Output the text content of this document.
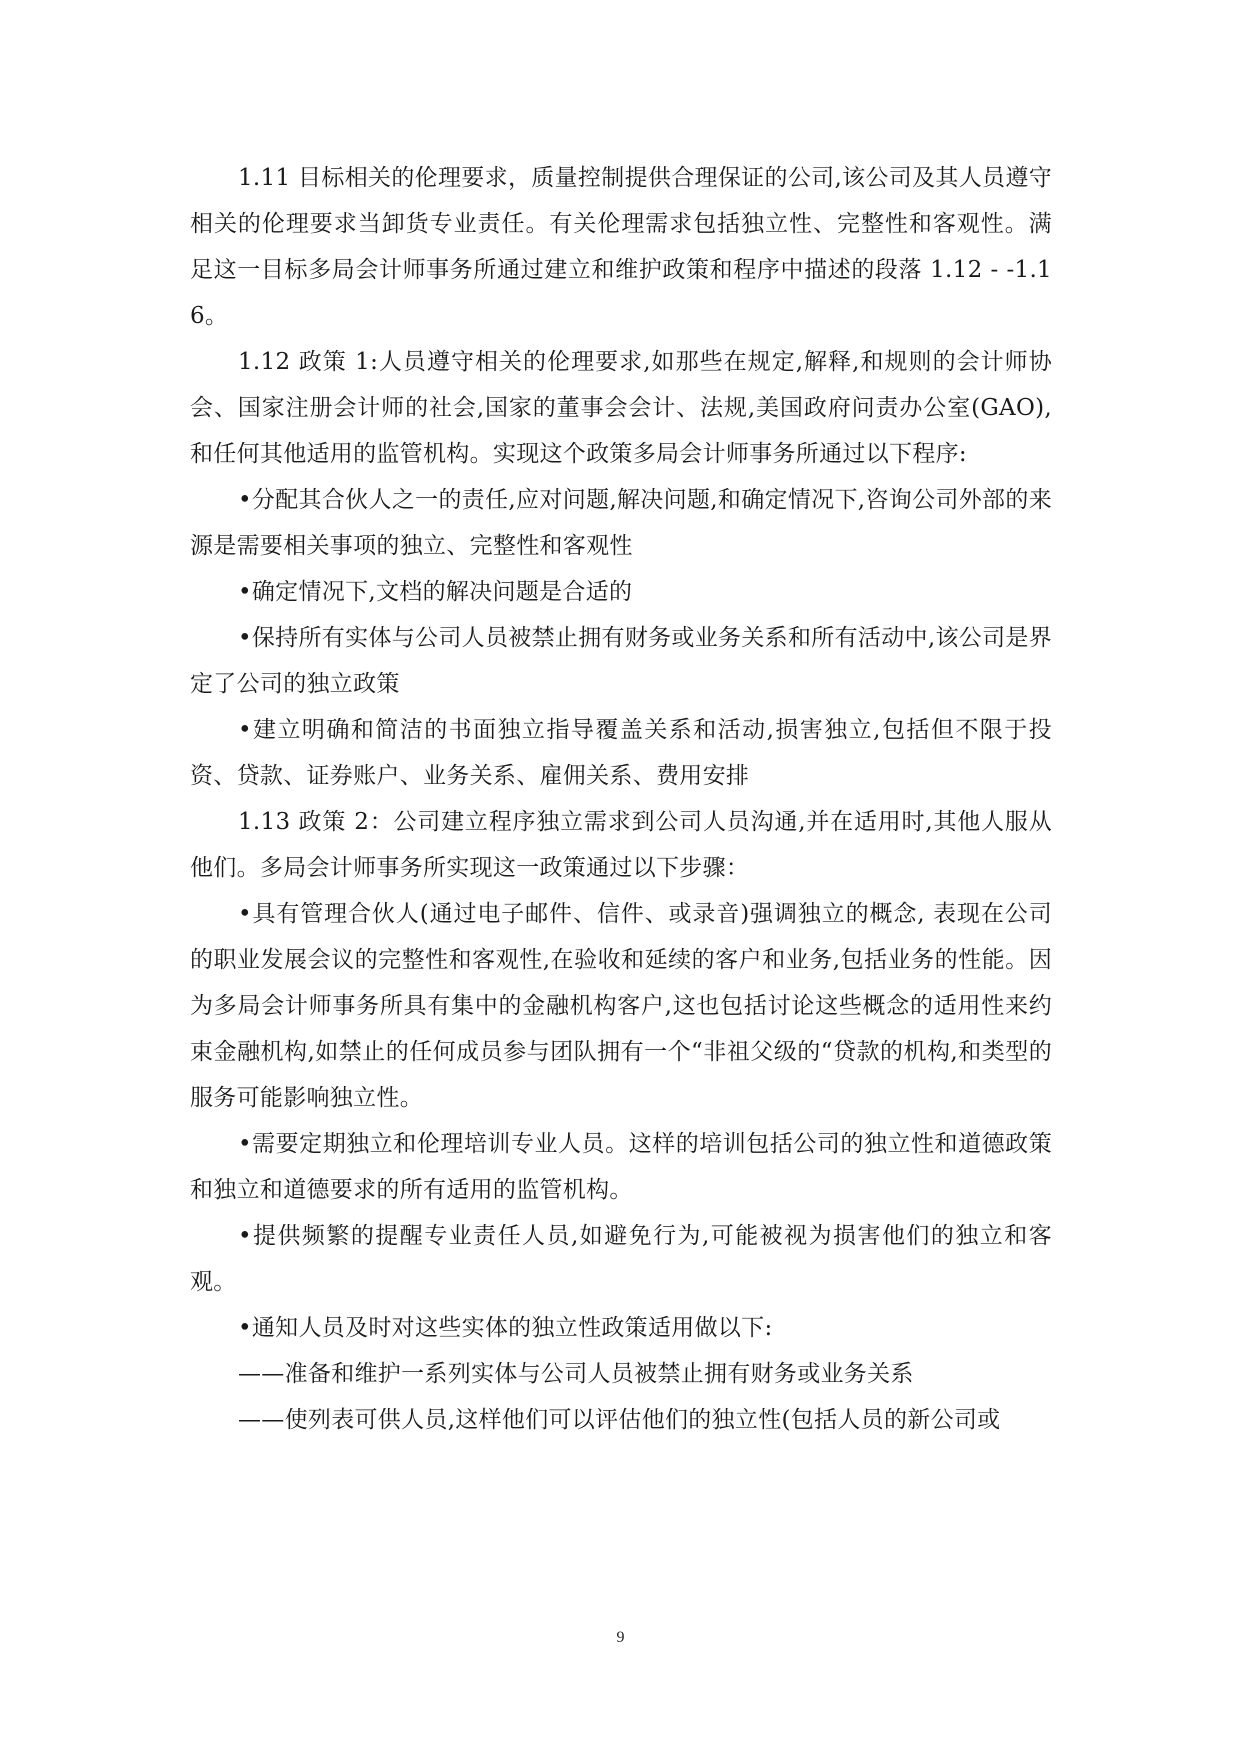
1.11 目标相关的伦理要求，质量控制提供合理保证的公司,该公司及其人员遵守相关的伦理要求当卸货专业责任。有关伦理需求包括独立性、完整性和客观性。满足这一目标多局会计师事务所通过建立和维护政策和程序中描述的段落 1.12 - -1.16。

1.12 政策 1:人员遵守相关的伦理要求,如那些在规定,解释,和规则的会计师协会、国家注册会计师的社会,国家的董事会会计、法规,美国政府问责办公室(GAO),和任何其他适用的监管机构。实现这个政策多局会计师事务所通过以下程序:

•分配其合伙人之一的责任,应对问题,解决问题,和确定情况下,咨询公司外部的来源是需要相关事项的独立、完整性和客观性

•确定情况下,文档的解决问题是合适的

•保持所有实体与公司人员被禁止拥有财务或业务关系和所有活动中,该公司是界定了公司的独立政策

•建立明确和简洁的书面独立指导覆盖关系和活动,损害独立,包括但不限于投资、贷款、证券账户、业务关系、雇佣关系、费用安排

1.13 政策 2：公司建立程序独立需求到公司人员沟通,并在适用时,其他人服从他们。多局会计师事务所实现这一政策通过以下步骤：

•具有管理合伙人(通过电子邮件、信件、或录音)强调独立的概念, 表现在公司的职业发展会议的完整性和客观性,在验收和延续的客户和业务,包括业务的性能。因为多局会计师事务所具有集中的金融机构客户,这也包括讨论这些概念的适用性来约束金融机构,如禁止的任何成员参与团队拥有一个“非祖父级的“贷款的机构,和类型的服务可能影响独立性。

•需要定期独立和伦理培训专业人员。这样的培训包括公司的独立性和道德政策和独立和道德要求的所有适用的监管机构。

•提供频繁的提醒专业责任人员,如避免行为,可能被视为损害他们的独立和客观。

•通知人员及时对这些实体的独立性政策适用做以下:

——准备和维护一系列实体与公司人员被禁止拥有财务或业务关系

——使列表可供人员,这样他们可以评估他们的独立性(包括人员的新公司或

9
